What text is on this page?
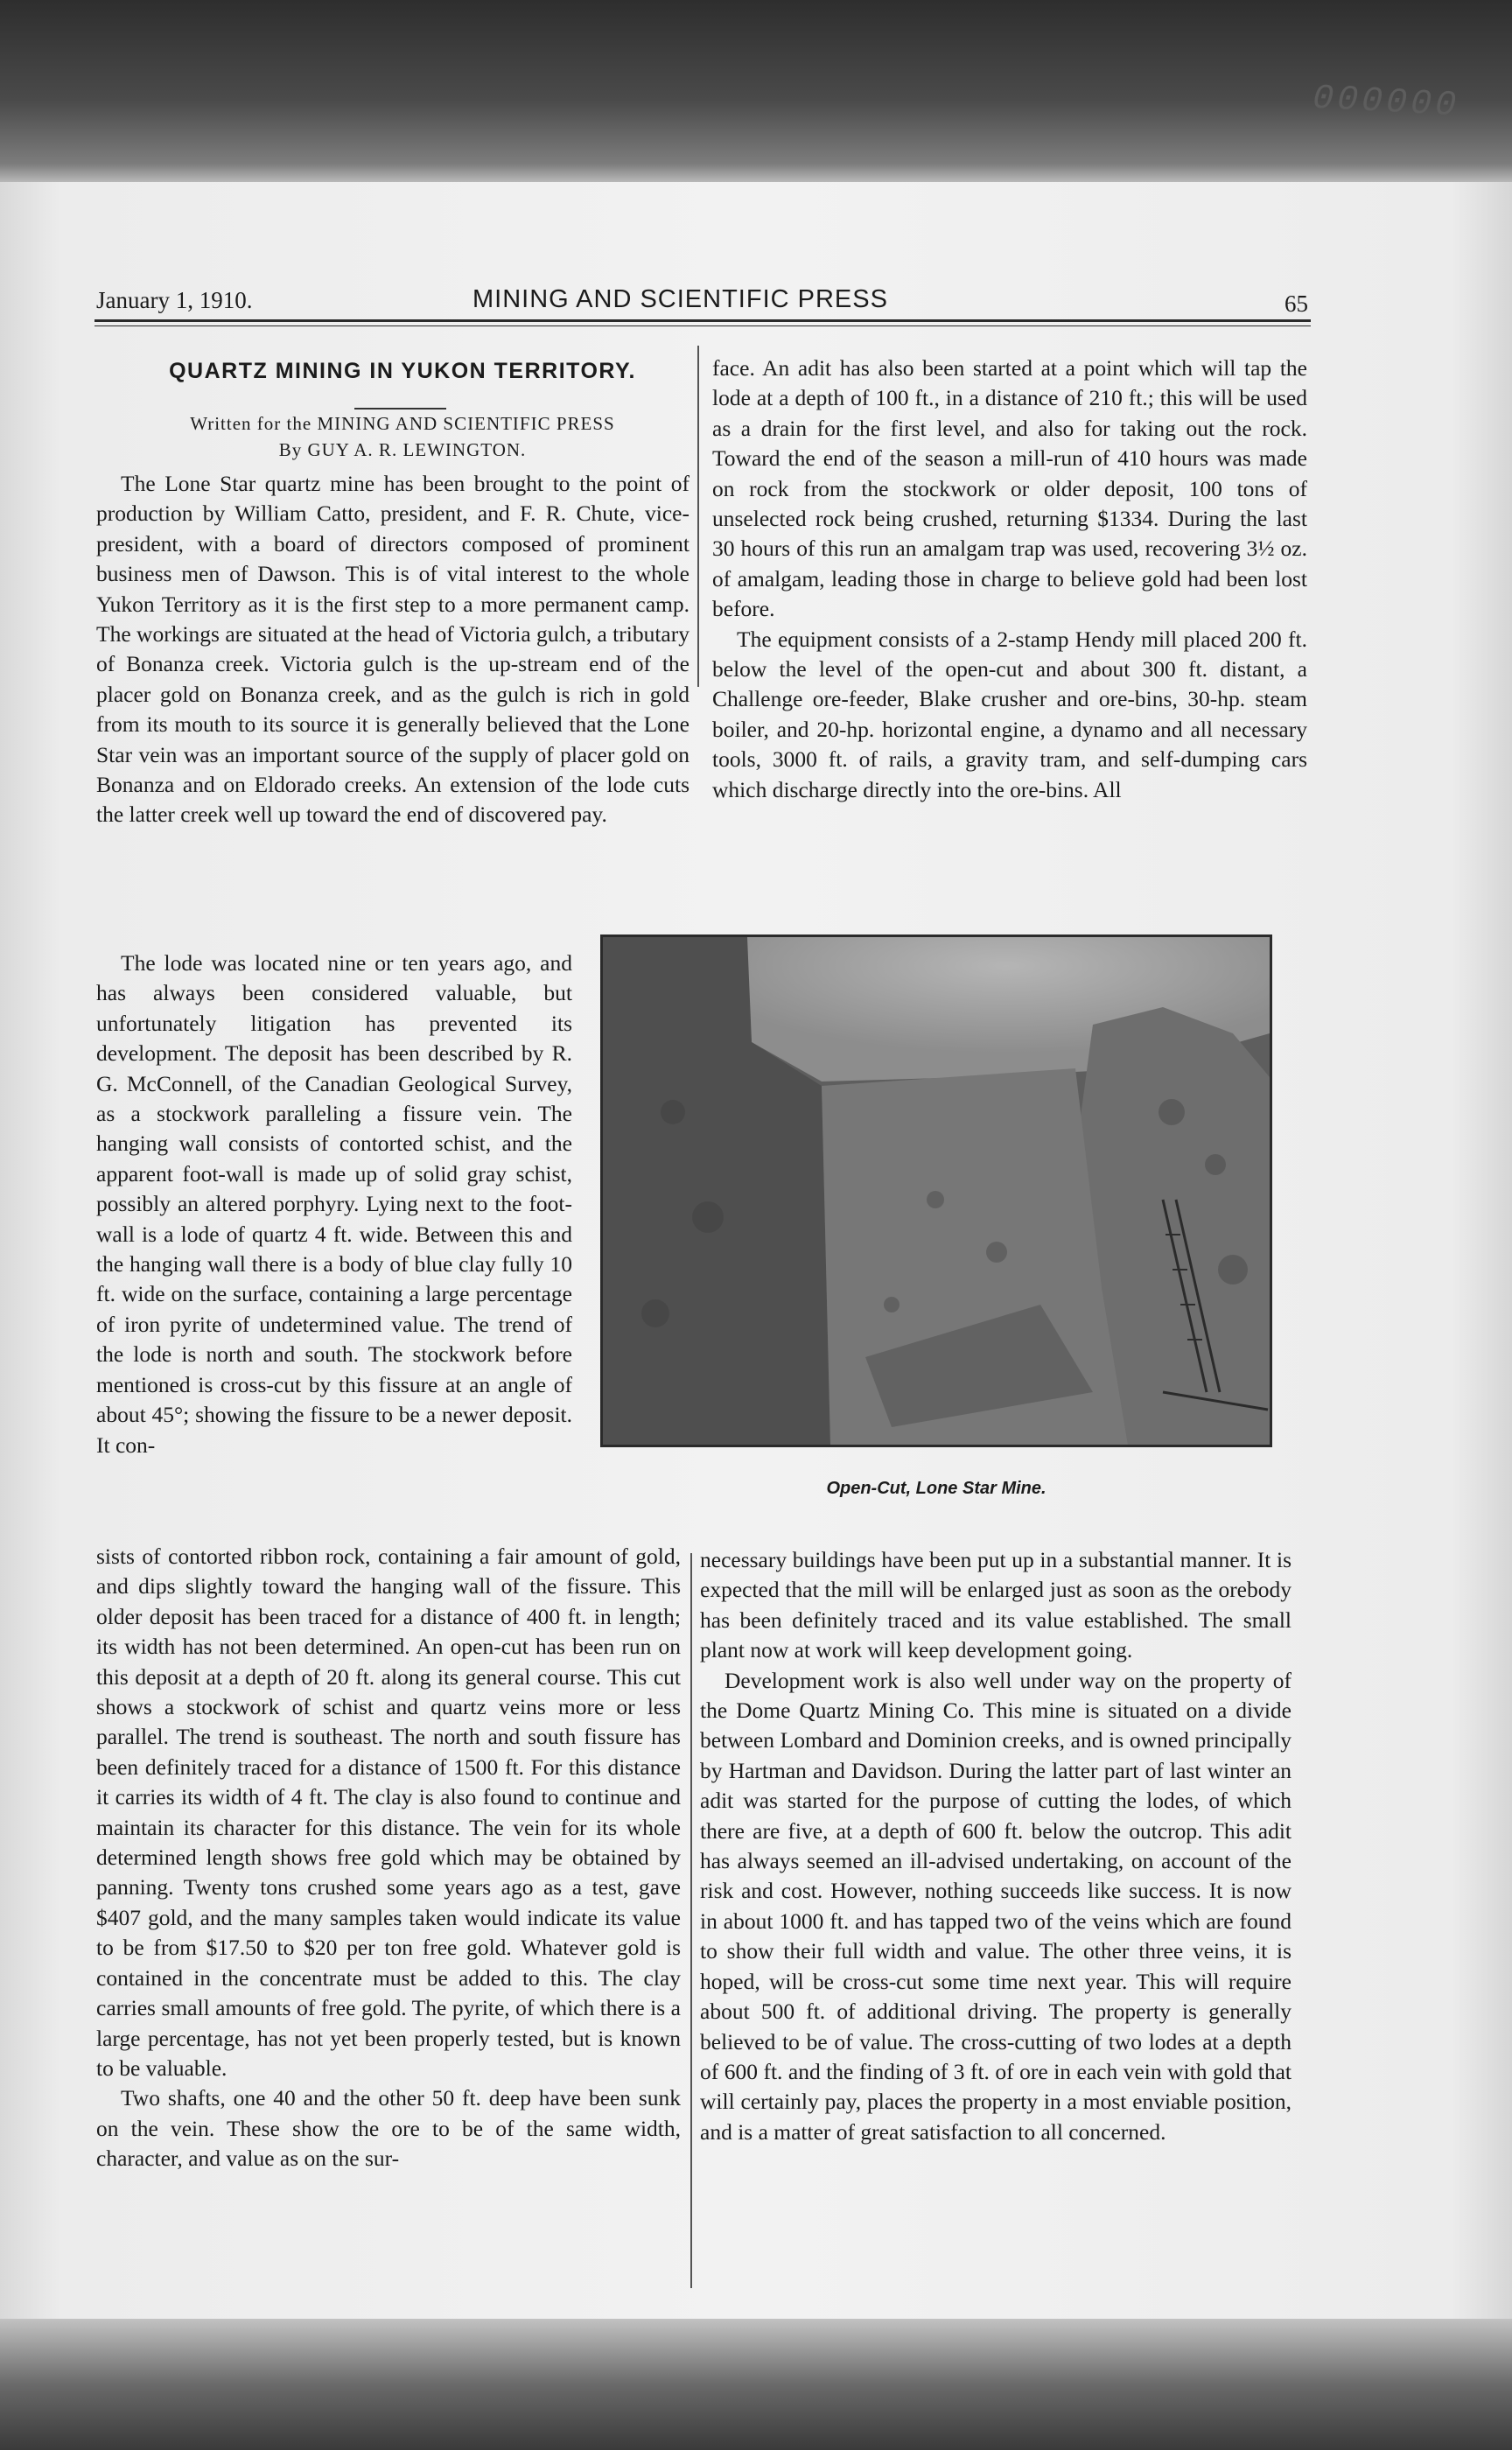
000000
January 1, 1910.	MINING AND SCIENTIFIC PRESS	65
QUARTZ MINING IN YUKON TERRITORY.
Written for the MINING AND SCIENTIFIC PRESS
By GUY A. R. LEWINGTON.

The Lone Star quartz mine has been brought to the point of production by William Catto, president, and F. R. Chute, vice-president, with a board of directors composed of prominent business men of Dawson. This is of vital interest to the whole Yukon Territory as it is the first step to a more permanent camp. The workings are situated at the head of Victoria gulch, a tributary of Bonanza creek. Victoria gulch is the up-stream end of the placer gold on Bonanza creek, and as the gulch is rich in gold from its mouth to its source it is generally believed that the Lone Star vein was an important source of the supply of placer gold on Bonanza and on Eldorado creeks. An extension of the lode cuts the latter creek well up toward the end of discovered pay.

The lode was located nine or ten years ago, and has always been considered valuable, but unfortunately litigation has prevented its development. The deposit has been described by R. G. McConnell, of the Canadian Geological Survey, as a stockwork paralleling a fissure vein. The hanging wall consists of contorted schist, and the apparent foot-wall is made up of solid gray schist, possibly an altered porphyry. Lying next to the foot-wall is a lode of quartz 4 ft. wide. Between this and the hanging wall there is a body of blue clay fully 10 ft. wide on the surface, containing a large percentage of iron pyrite of undetermined value. The trend of the lode is north and south. The stockwork before mentioned is cross-cut by this fissure at an angle of about 45°; showing the fissure to be a newer deposit. It con-

sists of contorted ribbon rock, containing a fair amount of gold, and dips slightly toward the hanging wall of the fissure. This older deposit has been traced for a distance of 400 ft. in length; its width has not been determined. An open-cut has been run on this deposit at a depth of 20 ft. along its general course. This cut shows a stockwork of schist and quartz veins more or less parallel. The trend is southeast. The north and south fissure has been definitely traced for a distance of 1500 ft. For this distance it carries its width of 4 ft. The clay is also found to continue and maintain its character for this distance. The vein for its whole determined length shows free gold which may be obtained by panning. Twenty tons crushed some years ago as a test, gave $407 gold, and the many samples taken would indicate its value to be from $17.50 to $20 per ton free gold. Whatever gold is contained in the concentrate must be added to this. The clay carries small amounts of free gold. The pyrite, of which there is a large percentage, has not yet been properly tested, but is known to be valuable.

Two shafts, one 40 and the other 50 ft. deep have been sunk on the vein. These show the ore to be of the same width, character, and value as on the sur-

face. An adit has also been started at a point which will tap the lode at a depth of 100 ft., in a distance of 210 ft.; this will be used as a drain for the first level, and also for taking out the rock. Toward the end of the season a mill-run of 410 hours was made on rock from the stockwork or older deposit, 100 tons of unselected rock being crushed, returning $1334. During the last 30 hours of this run an amalgam trap was used, recovering 3½ oz. of amalgam, leading those in charge to believe gold had been lost before.

The equipment consists of a 2-stamp Hendy mill placed 200 ft. below the level of the open-cut and about 300 ft. distant, a Challenge ore-feeder, Blake crusher and ore-bins, 30-hp. steam boiler, and 20-hp. horizontal engine, a dynamo and all necessary tools, 3000 ft. of rails, a gravity tram, and self-dumping cars which discharge directly into the ore-bins. All

Open-Cut, Lone Star Mine.

necessary buildings have been put up in a substantial manner. It is expected that the mill will be enlarged just as soon as the orebody has been definitely traced and its value established. The small plant now at work will keep development going.

Development work is also well under way on the property of the Dome Quartz Mining Co. This mine is situated on a divide between Lombard and Dominion creeks, and is owned principally by Hartman and Davidson. During the latter part of last winter an adit was started for the purpose of cutting the lodes, of which there are five, at a depth of 600 ft. below the outcrop. This adit has always seemed an ill-advised undertaking, on account of the risk and cost. However, nothing succeeds like success. It is now in about 1000 ft. and has tapped two of the veins which are found to show their full width and value. The other three veins, it is hoped, will be cross-cut some time next year. This will require about 500 ft. of additional driving. The property is generally believed to be of value. The cross-cutting of two lodes at a depth of 600 ft. and the finding of 3 ft. of ore in each vein with gold that will certainly pay, places the property in a most enviable position, and is a matter of great satisfaction to all concerned.
